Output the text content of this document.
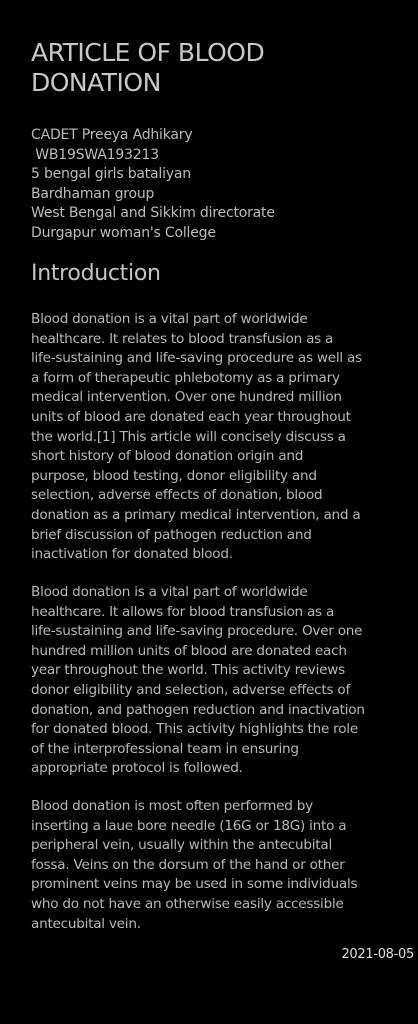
ARTICLE OF BLOOD
DONATION
CADET Preeya Adhikary
WB19SWA193213
5 bengal girls bataliyan
Bardhaman group
West Bengal and Sikkim directorate
Durgapur woman's College
Introduction

Blood donation is a vital part of worldwide
healthcare. It relates to blood transfusion as a
life-sustaining and life-saving procedure as well as
a form of therapeutic phlebotomy as a primary
medical intervention. Over one hundred million
units of blood are donated each year throughout
the world.[1] This article will concisely discuss a
short history of blood donation origin and
purpose, blood testing, donor eligibility and
selection, adverse effects of donation, blood
donation as a primary medical intervention, and a
brief discussion of pathogen reduction and
inactivation for donated blood.

Blood donation is a vital part of worldwide
healthcare. It allows for blood transfusion as a
life-sustaining and life-saving procedure. Over one
hundred million units of blood are donated each
year throughout the world. This activity reviews
donor eligibility and selection, adverse effects of
donation, and pathogen reduction and inactivation
for donated blood. This activity highlights the role
of the interprofessional team in ensuring
appropriate protocol is followed.

Blood donation is most often performed by
inserting a laue bore needle (16G or 18G) into a
peripheral vein, usually within the antecubital
fossa. Veins on the dorsum of the hand or other
prominent veins may be used in some individuals
who do not have an otherwise easily accessible
antecubital vein.

2021-08-05
